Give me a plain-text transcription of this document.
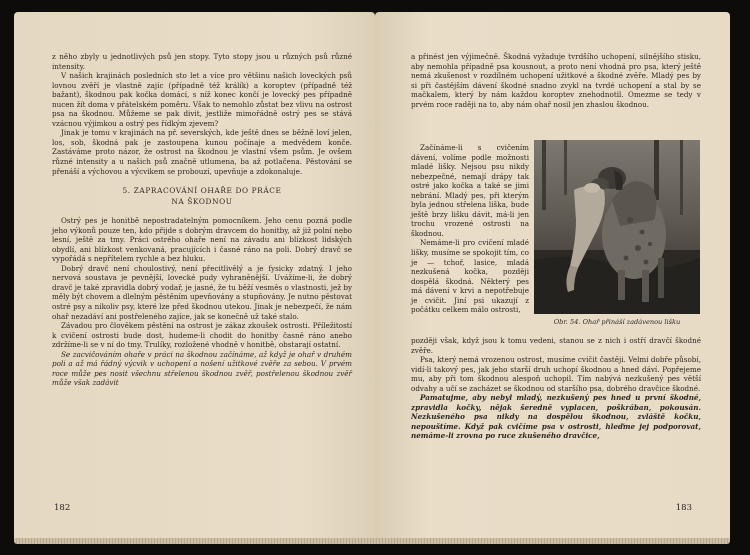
z něho zbyly u jednotlivých psů jen stopy. Tyto stopy jsou u různých psů různé intensity.

V našich krajinách posledních sto let a více pro většinu našich loveckých psů lovnou zvěří je vlastně zajíc (případně též králík) a koroptev (případně též bažant), škodnou pak kočka domácí, s níž konec končí je lovecký pes případně nucen žít doma v přátelském poměru. Však to nemohlo zůstat bez vlivu na ostrost psa na škodnou. Můžeme se pak divit, jestliže mimořádně ostrý pes se stává vzácnou výjimkou a ostrý pes řídkým zjevem?

Jinak je tomu v krajinách na př. severských, kde ještě dnes se běžně loví jelen, los, sob, škodná pak je zastoupena kunou počínaje a medvědem konče. Zastáváme proto názor, že ostrost na škodnou je vlastní všem psům. Je ovšem různé intensity a u našich psů značně utlumena, ba až potlačena. Pěstování se přenáší a výchovou a výcvikem se probouzí, upevňuje a zdokonaluje.

5. ZAPRACOVÁNÍ OHAŘE DO PRÁCE
NA ŠKODNOU

Ostrý pes je honitbě nepostradatelným pomocníkem. Jeho cenu pozná podle jeho výkonů pouze ten, kdo přijde s dobrým dravcem do honitby, až již polní nebo lesní, ještě za tmy. Práci ostrého ohaře není na závadu ani blízkost lidských obydlí, ani blízkost venkovaná, pracujících i časné ráno na poli. Dobrý dravč se vypořádá s nepřítelem rychle a bez hluku.

Dobrý dravč není choulostivý, není přecitlivělý a je fysicky zdatný. I jeho nervová soustava je pevnější, lovecké pudy vyhraněnější. Uvážíme-li, že dobrý dravč je také zpravidla dobrý vodař, je jasné, že tu běží vesměs o vlastnosti, jež by měly být chovem a dlelným pěstěním upevňovány a stupňovány. Je nutno pěstovat ostré psy a nikoliv psy, které lze před škodnou utekou. Jinak je nebezpečí, že nám ohař nezadáví ani postřeleného zajíce, jak se konečně už také stalo.

Závadou pro člověkem pěstění na ostrost je zákaz zkoušek ostrosti. Příležitostí k cvičení ostrosti bude dost, hudeme-li chodit do honitby časně ráno anebo zdržíme-li se v ní do tmy. Trulíky, rozložené vhodně v honitbě, obstarají ostatní.

Se zacvičováním ohaře v práci na škodnou začínáme, až když je ohař v druhém poli a až má řádný výcvik v uchopení a nošení užitkové zvěře za sebou. V prvém roce může pes nosit všechnu střelenou škodnou zvěř, postřelenou škodnou zvěř může však zadávit

182

a přinést jen výjimečně. Škodná vyžaduje tvrdšího uchopení, silnějšího stisku, aby nemohla případně psa kousnout, a proto není vhodná pro psa, který ještě nemá zkušenost v rozdílném uchopení užitkové a škodné zvěře. Mladý pes by si při častějším dávení škodné snadno zvykl na tvrdé uchopení a stal by se mačkalem, který by nám každou koroptev znehodnotil. Omezme se tedy v prvém roce raději na to, aby nám ohař nosil jen zhaslou škodnou.

Začínáme-li s cvičením dávení, volíme podle možnosti mladé lišky. Nejsou psu nikdy nebezpečné, nemají drápy tak ostré jako kočka a také se jimi nebrání. Mladý pes, při kterým byla jednou střelena liška, bude ještě brzy lišku dávit, má-li jen trochu vrozené ostrosti na škodnou.

Nemáme-li pro cvičení mladé lišky, musíme se spokojit tím, co je — tchoř, lasice, mladá nezkušená kočka, později dospělá škodná. Některý pes má dávení v krvi a nepotřebuje je cvičit. Jiní psi ukazují z počátku celkem málo ostrosti,

Obr. 54. Ohař přináší zadávenou lišku

později však, když jsou k tomu vedeni, stanou se z nich i ostří dravčí škodné zvěře.

Psa, který nemá vrozenou ostrost, musíme cvičit častěji. Velmi dobře působí, vidí-li takový pes, jak jeho starší druh uchopí škodnou a hned dáví. Popřejeme mu, aby při tom škodnou alespoň uchopil. Tím nabývá nezkušený pes větší odvahy a učí se zacházet se škodnou od staršího psa, dobrého dravčice škodné.

Pamatujme, aby nebyl mladý, nezkušený pes hned u první škodné, zpravidla kočky, nějak šeredně vyplacen, poškrában, pokousán. Nezkušeného psa nikdy na dospělou škodnou, zvláště kočku, nepouštíme. Když pak cvičíme psa v ostrosti, hleďme jej podporovat, nemáme-li zrovna po ruce zkušeného dravčice,

183
